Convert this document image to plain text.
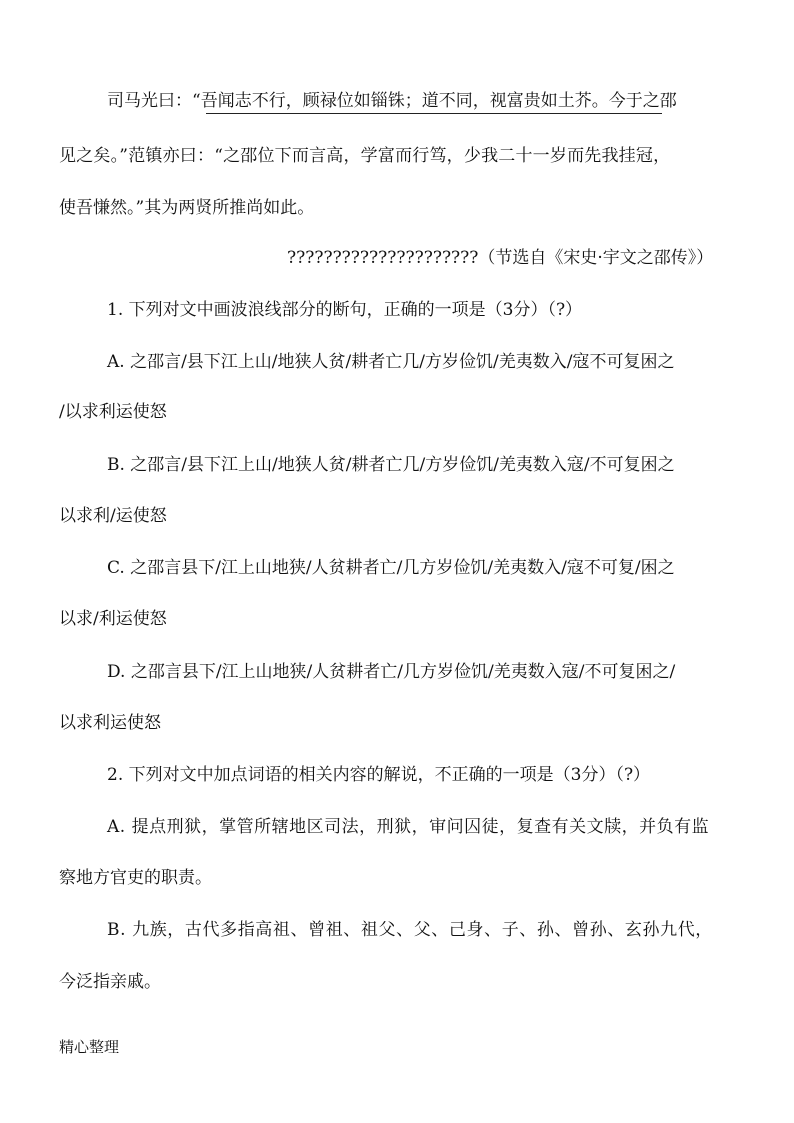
司马光曰：“吾闻志不行，顾禄位如锱铢；道不同，视富贵如土芥。今于之邵
见之矣。”范镇亦曰：“之邵位下而言高，学富而行笃，少我二十一岁而先我挂冠，
使吾慊然。”其为两贤所推尚如此。
?????????????????????（节选自《宋史·宇文之邵传》）
1. 下列对文中画波浪线部分的断句，正确的一项是（3分）（?）
A. 之邵言/县下江上山/地狭人贫/耕者亡几/方岁俭饥/羌夷数入/寇不可复困之
/以求利运使怒
B. 之邵言/县下江上山/地狭人贫/耕者亡几/方岁俭饥/羌夷数入寇/不可复困之
以求利/运使怒
C. 之邵言县下/江上山地狭/人贫耕者亡/几方岁俭饥/羌夷数入/寇不可复/困之
以求/利运使怒
D. 之邵言县下/江上山地狭/人贫耕者亡/几方岁俭饥/羌夷数入寇/不可复困之/
以求利运使怒
2. 下列对文中加点词语的相关内容的解说，不正确的一项是（3分）（?）
A. 提点刑狱，掌管所辖地区司法，刑狱，审问囚徒，复查有关文牍，并负有监
察地方官吏的职责。
B. 九族，古代多指高祖、曾祖、祖父、父、己身、子、孙、曾孙、玄孙九代，
今泛指亲戚。
精心整理
